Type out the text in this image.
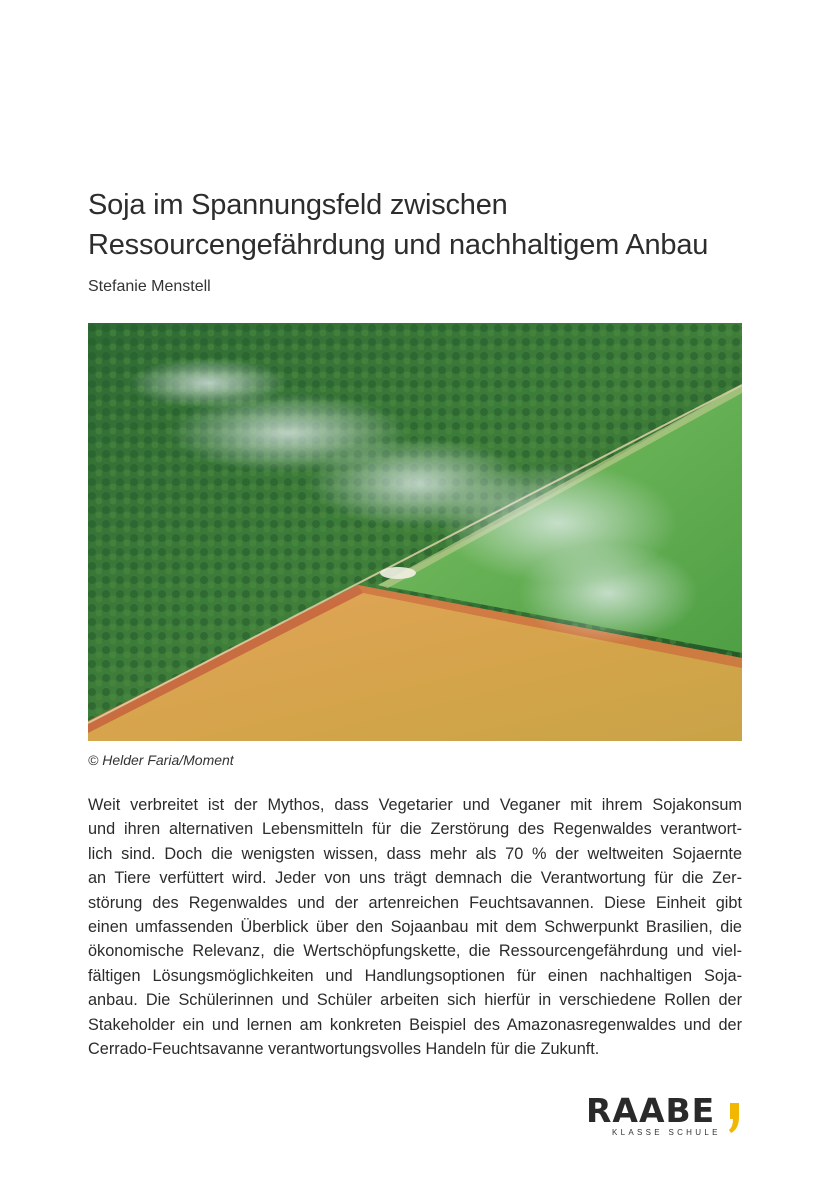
Soja im Spannungsfeld zwischen
Ressourcengefährdung und nachhaltigem Anbau
Stefanie Menstell
© Helder Faria/Moment
Weit verbreitet ist der Mythos, dass Vegetarier und Veganer mit ihrem Sojakonsum
und ihren alternativen Lebensmitteln für die Zerstörung des Regenwaldes verantwort-
lich sind. Doch die wenigsten wissen, dass mehr als 70 % der weltweiten Sojaernte
an Tiere verfüttert wird. Jeder von uns trägt demnach die Verantwortung für die Zer-
störung des Regenwaldes und der artenreichen Feuchtsavannen. Diese Einheit gibt
einen umfassenden Überblick über den Sojaanbau mit dem Schwerpunkt Brasilien, die
ökonomische Relevanz, die Wertschöpfungskette, die Ressourcengefährdung und viel-
fältigen Lösungsmöglichkeiten und Handlungsoptionen für einen nachhaltigen Soja-
anbau. Die Schülerinnen und Schüler arbeiten sich hierfür in verschiedene Rollen der
Stakeholder ein und lernen am konkreten Beispiel des Amazonasregenwaldes und der
Cerrado-Feuchtsavanne verantwortungsvolles Handeln für die Zukunft.
RAABE
KLASSE SCHULE
